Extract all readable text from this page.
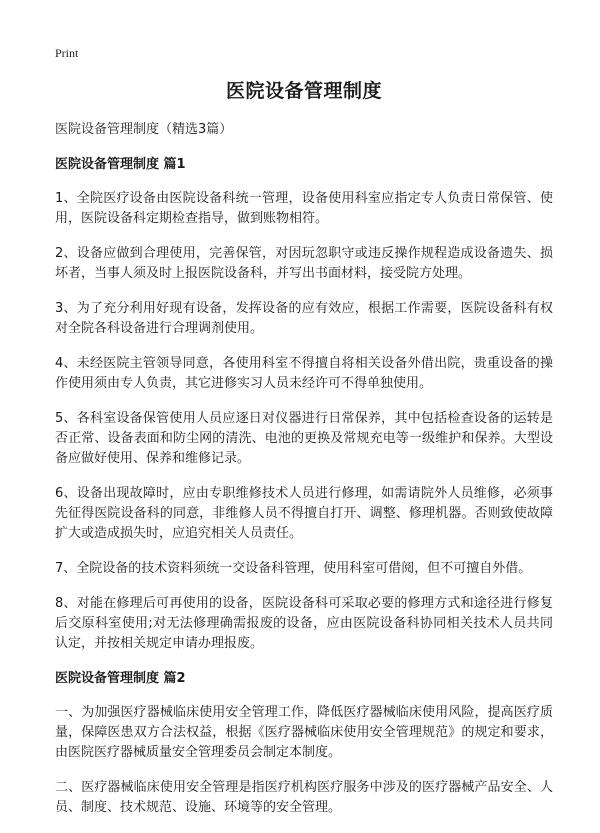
Print
医院设备管理制度
医院设备管理制度（精选3篇）
医院设备管理制度 篇1

1、全院医疗设备由医院设备科统一管理，设备使用科室应指定专人负责日常保管、使用，医院设备科定期检查指导，做到账物相符。

2、设备应做到合理使用，完善保管，对因玩忽职守或违反操作规程造成设备遗失、损坏者，当事人须及时上报医院设备科，并写出书面材料，接受院方处理。

3、为了充分利用好现有设备，发挥设备的应有效应，根据工作需要，医院设备科有权对全院各科设备进行合理调剂使用。

4、未经医院主管领导同意，各使用科室不得擅自将相关设备外借出院，贵重设备的操作使用须由专人负责，其它进修实习人员未经许可不得单独使用。

5、各科室设备保管使用人员应逐日对仪器进行日常保养，其中包括检查设备的运转是否正常、设备表面和防尘网的清洗、电池的更换及常规充电等一级维护和保养。大型设备应做好使用、保养和维修记录。

6、设备出现故障时，应由专职维修技术人员进行修理，如需请院外人员维修，必须事先征得医院设备科的同意，非维修人员不得擅自打开、调整、修理机器。否则致使故障扩大或造成损失时，应追究相关人员责任。

7、全院设备的技术资料须统一交设备科管理，使用科室可借阅，但不可擅自外借。

8、对能在修理后可再使用的设备，医院设备科可采取必要的修理方式和途径进行修复后交原科室使用;对无法修理确需报废的设备，应由医院设备科协同相关技术人员共同认定，并按相关规定申请办理报废。

医院设备管理制度 篇2

一、为加强医疗器械临床使用安全管理工作，降低医疗器械临床使用风险，提高医疗质量，保障医患双方合法权益，根据《医疗器械临床使用安全管理规范》的规定和要求，由医院医疗器械质量安全管理委员会制定本制度。

二、医疗器械临床使用安全管理是指医疗机构医疗服务中涉及的医疗器械产品安全、人员、制度、技术规范、设施、环境等的安全管理。
